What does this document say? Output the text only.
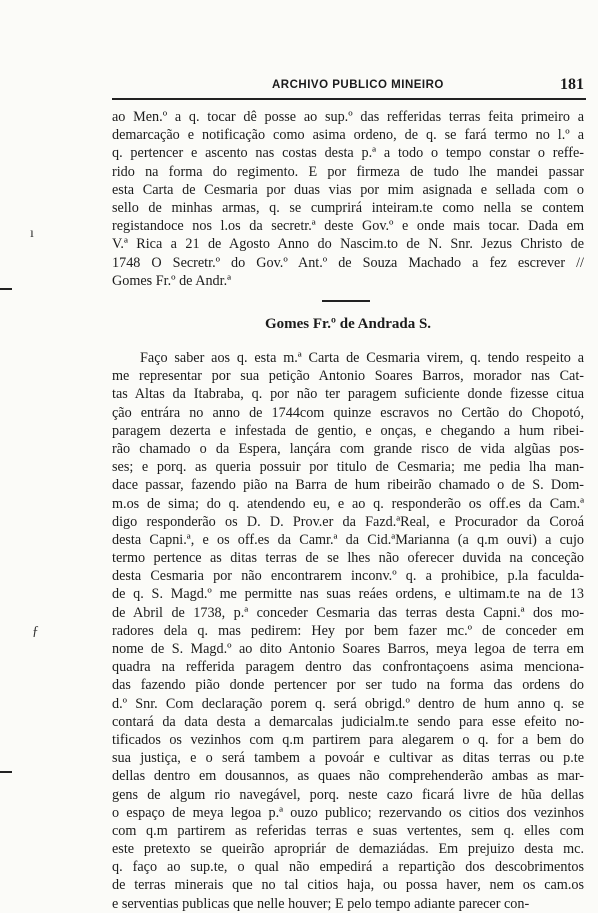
ARCHIVO PUBLICO MINEIRO	181
ao Men.º a q. tocar dê posse ao sup.º das refferidas terras feita primeiro a
demarcação e notificação como asima ordeno, de q. se fará termo no l.º a
q. pertencer e ascento nas costas desta p.ª a todo o tempo constar o reffe-
rido na forma do regimento. E por firmeza de tudo lhe mandei passar
esta Carta de Cesmaria por duas vias por mim asignada e sellada com o
sello de minhas armas, q. se cumprirá inteiram.te como nella se contem
registandoce nos l.os da secretr.ª deste Gov.º e onde mais tocar. Dada em
V.ª Rica a 21 de Agosto Anno do Nascim.to de N. Snr. Jezus Christo de
1748 O Secretr.º do Gov.º Ant.º de Souza Machado a fez escrever //
Gomes Fr.º de Andr.ª
Gomes Fr.º de Andrada S.
Faço saber aos q. esta m.ª Carta de Cesmaria virem, q. tendo respeito a
me representar por sua petição Antonio Soares Barros, morador nas Cat-
tas Altas da Itabraba, q. por não ter paragem suficiente donde fizesse citua
ção entrára no anno de 1744com quinze escravos no Certão do Chopotó,
paragem dezerta e infestada de gentio, e onças, e chegando a hum ribei-
rão chamado o da Espera, lançára com grande risco de vida algũas pos-
ses; e porq. as queria possuir por titulo de Cesmaria; me pedia lha man-
dace passar, fazendo pião na Barra de hum ribeirão chamado o de S. Dom-
m.os de sima; do q. atendendo eu, e ao q. responderão os off.es da Cam.ª
digo responderão os D. D. Prov.er da Fazd.ªReal, e Procurador da Coroá
desta Capni.ª, e os off.es da Camr.ª da Cid.ªMarianna (a q.m ouvi) a cujo
termo pertence as ditas terras de se lhes não oferecer duvida na conceção
desta Cesmaria por não encontrarem inconv.º q. a prohibice, p.la faculda-
de q. S. Magd.º me permitte nas suas reáes ordens, e ultimam.te na de 13
de Abril de 1738, p.ª conceder Cesmaria das terras desta Capni.ª dos mo-
radores dela q. mas pedirem: Hey por bem fazer mc.º de conceder em
nome de S. Magd.º ao dito Antonio Soares Barros, meya legoa de terra em
quadra na refferida paragem dentro das confrontaçoens asima menciona-
das fazendo pião donde pertencer por ser tudo na forma das ordens do
d.º Snr. Com declaração porem q. será obrigd.º dentro de hum anno q. se
contará da data desta a demarcalas judicialm.te sendo para esse efeito no-
tificados os vezinhos com q.m partirem para alegarem o q. for a bem do
sua justiça, e o será tambem a povoár e cultivar as ditas terras ou p.te
dellas dentro em dousannos, as quaes não comprehenderão ambas as mar-
gens de algum rio navegável, porq. neste cazo ficará livre de hũa dellas
o espaço de meya legoa p.ª ouzo publico; rezervando os citios dos vezinhos
com q.m partirem as referidas terras e suas vertentes, sem q. elles com
este pretexto se queirão apropriár de demaziádas. Em prejuizo desta mc.
q. faço ao sup.te, o qual não empedirá a repartição dos descobrimentos
de terras minerais que no tal citios haja, ou possa haver, nem os cam.os
e serventias publicas que nelle houver; E pelo tempo adiante parecer con-
ı
ƒ
